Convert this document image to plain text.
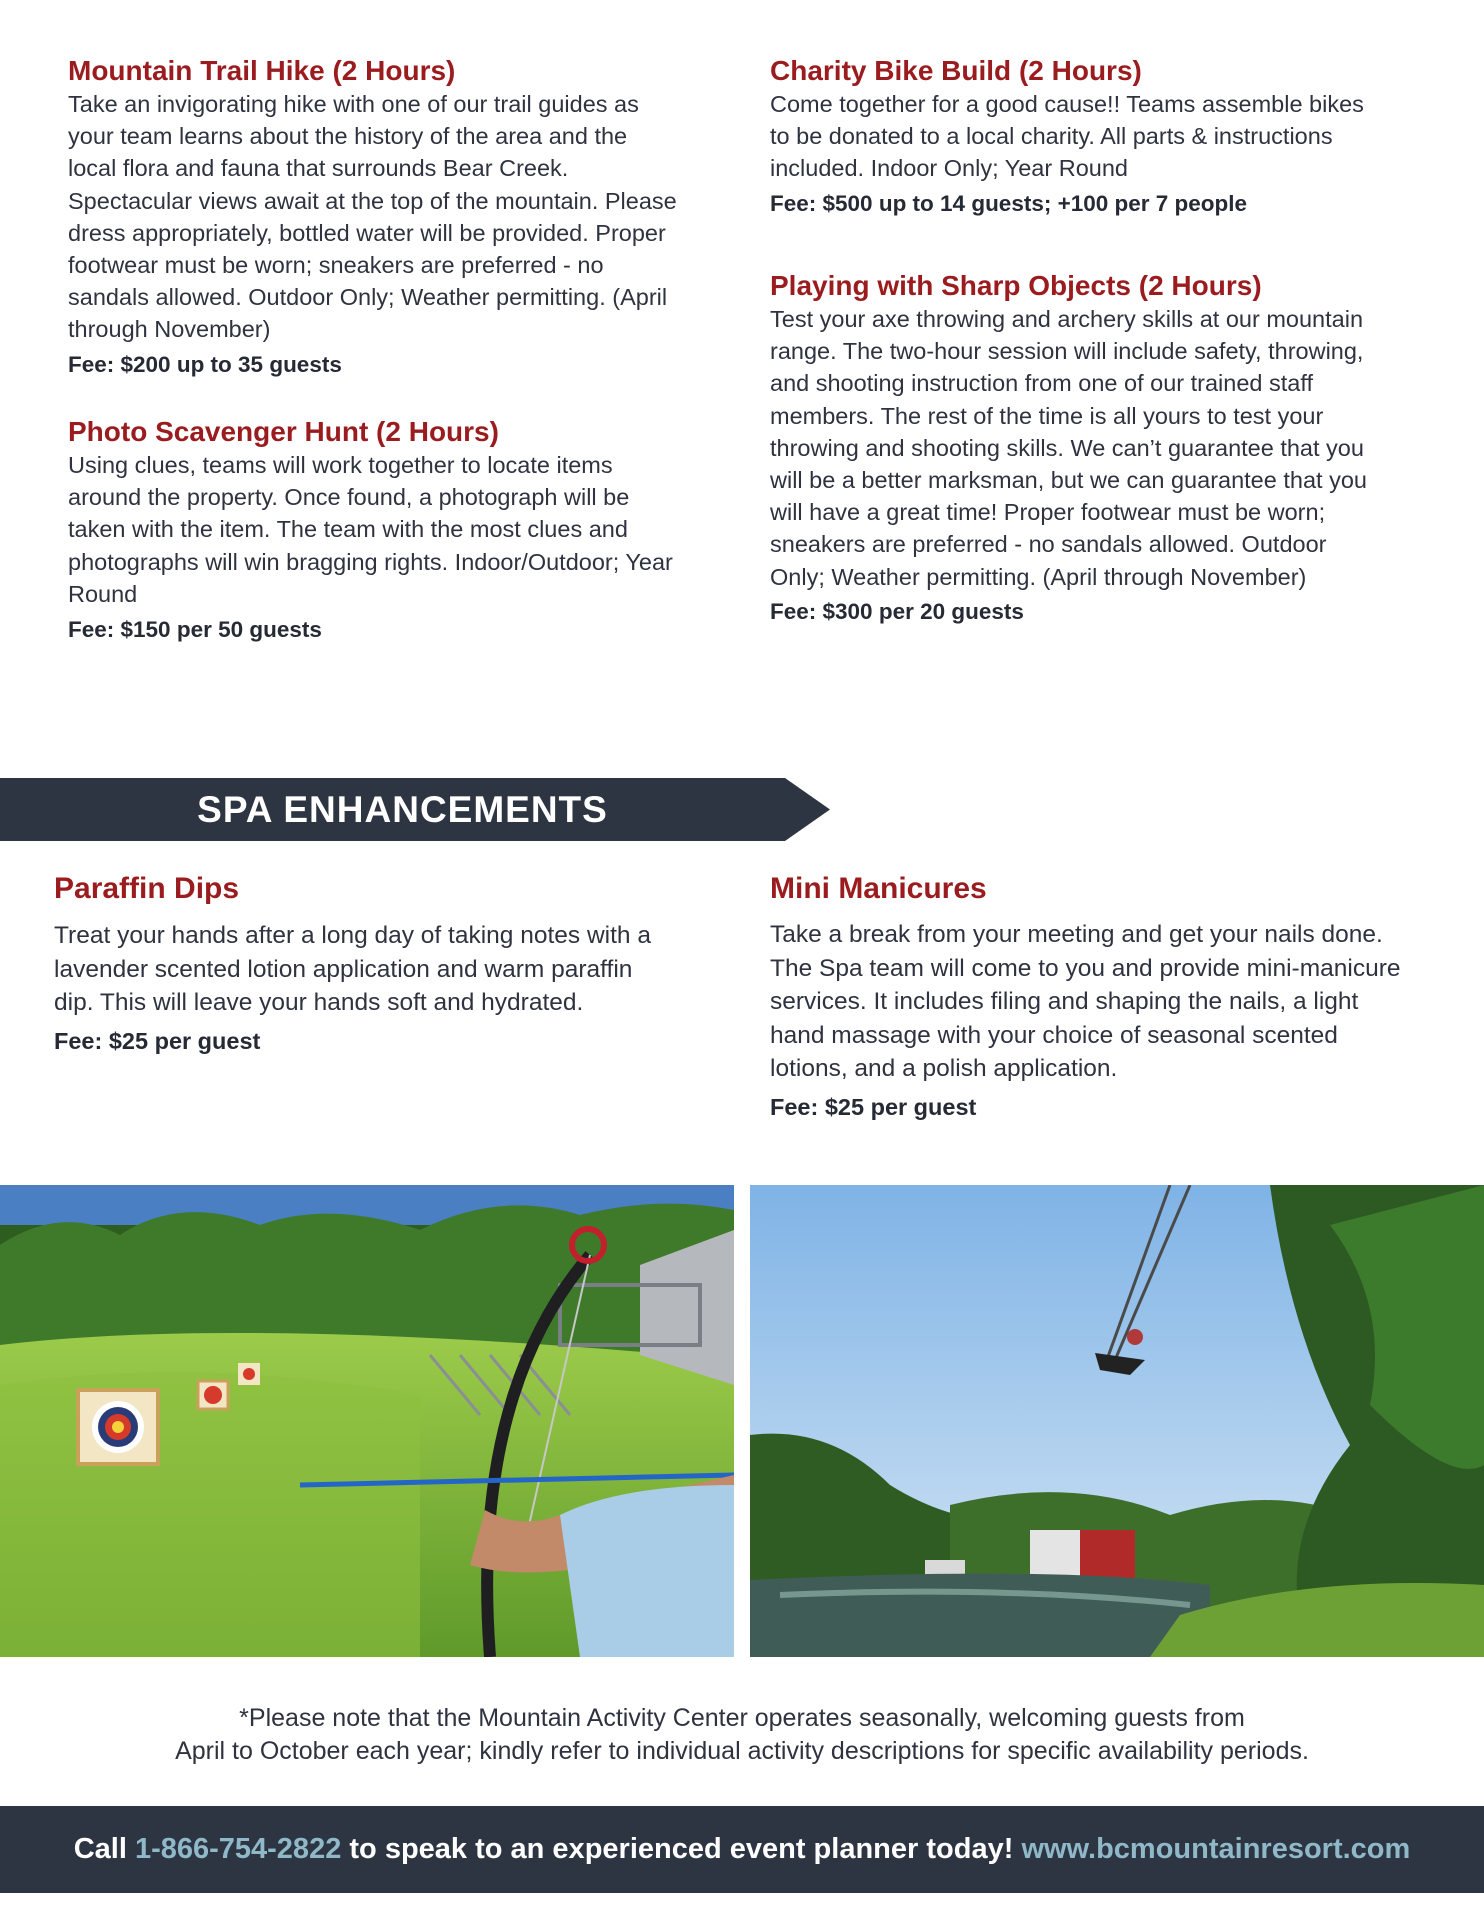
Mountain Trail Hike (2 Hours)

Take an invigorating hike with one of our trail guides as your team learns about the history of the area and the local flora and fauna that surrounds Bear Creek. Spectacular views await at the top of the mountain. Please dress appropriately, bottled water will be provided. Proper footwear must be worn; sneakers are preferred - no sandals allowed. Outdoor Only; Weather permitting. (April through November)

Fee: $200 up to 35 guests

Photo Scavenger Hunt (2 Hours)

Using clues, teams will work together to locate items around the property. Once found, a photograph will be taken with the item. The team with the most clues and photographs will win bragging rights. Indoor/Outdoor; Year Round

Fee: $150 per 50 guests

Charity Bike Build (2 Hours)

Come together for a good cause!! Teams assemble bikes to be donated to a local charity. All parts & instructions included. Indoor Only; Year Round

Fee: $500 up to 14 guests; +100 per 7 people

Playing with Sharp Objects (2 Hours)

Test your axe throwing and archery skills at our mountain range. The two-hour session will include safety, throwing, and shooting instruction from one of our trained staff members. The rest of the time is all yours to test your throwing and shooting skills. We can’t guarantee that you will be a better marksman, but we can guarantee that you will have a great time! Proper footwear must be worn; sneakers are preferred - no sandals allowed. Outdoor Only; Weather permitting. (April through November)

Fee: $300 per 20 guests

SPA ENHANCEMENTS
Paraffin Dips

Treat your hands after a long day of taking notes with a lavender scented lotion application and warm paraffin dip. This will leave your hands soft and hydrated.

Fee: $25 per guest

Mini Manicures

Take a break from your meeting and get your nails done. The Spa team will come to you and provide mini-manicure services. It includes filing and shaping the nails, a light hand massage with your choice of seasonal scented lotions, and a polish application.

Fee: $25 per guest

*Please note that the Mountain Activity Center operates seasonally, welcoming guests from
April to October each year; kindly refer to individual activity descriptions for specific availability periods.
Call 1-866-754-2822 to speak to an experienced event planner today! www.bcmountainresort.com
